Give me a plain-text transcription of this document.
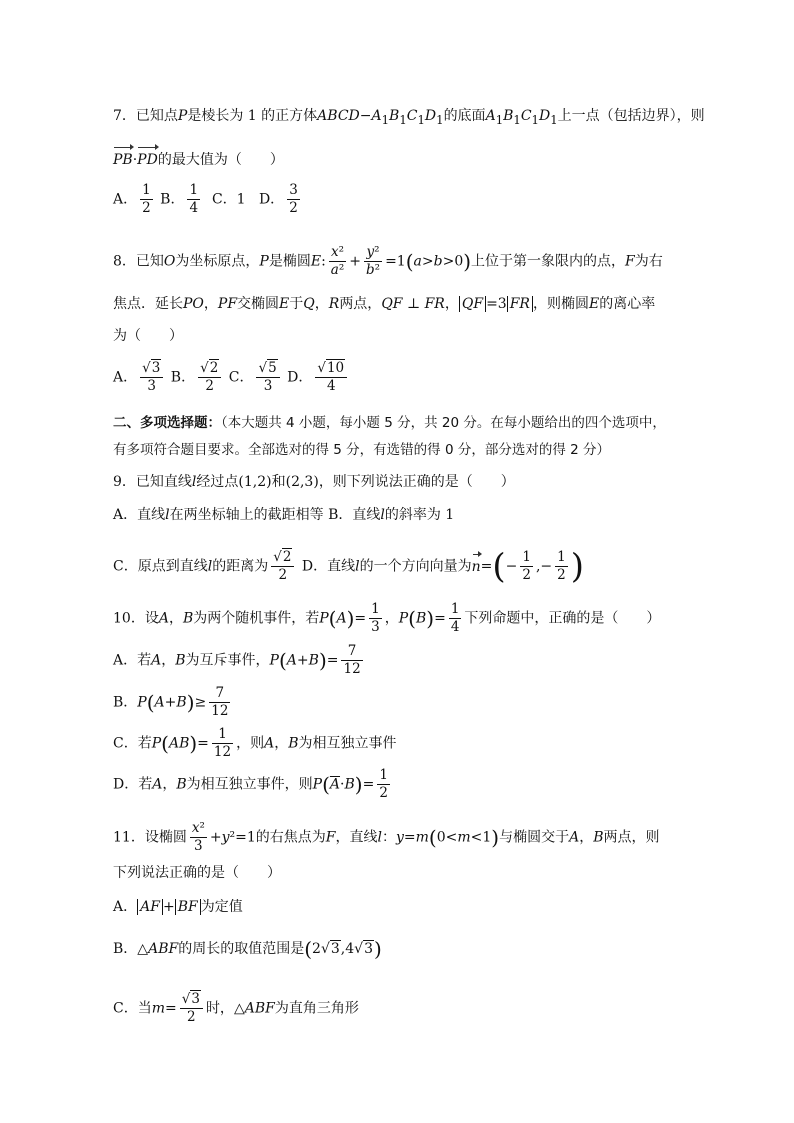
7．已知点P是棱长为 1 的正方体$ABCD-A_1B_1C_1D_1$的底面$A_1B_1C_1D_1$上一点（包括边界），则
PB·PD的最大值为（　　）
A． $\frac{1}{2}$ B． $\frac{1}{4}$ C．1 D． $\frac{3}{2}$
8．已知O为坐标原点，P是椭圆E: $\frac{\text{x²}}{\text{a²}} + \frac{\text{y²}}{\text{b²}} =1(a>b>0)$上位于第一象限内的点，F为右
焦点．延长PO，PF交椭圆E于Q，R两点，QF ⊥ FR， QF =3 FR ，则椭圆E的离心率
为（　　）
A． √ $\frac{3}{3}$ B． √ $\frac{2}{2}$ C． √ $\frac{5}{3}$ D． √ $\frac{10}{4}$
二、多项选择题：（本大题共 4 小题，每小题 5 分，共 20 分。在每小题给出的四个选项中，
有多项符合题目要求。全部选对的得 5 分，有选错的得 0 分，部分选对的得 2 分）
9．已知直线l经过点(1,2)和(2,3)，则下列说法正确的是（　　）
A．直线l在两坐标轴上的截距相等 B．直线l的斜率为 1
C．原点到直线l的距离为 √ $\frac{2}{2}$ D．直线l的一个方向向量为$n=(- \frac{1}{2}$ ,− $\frac{1}{2}$ )
10．设A，B为两个随机事件，若$P(A)= \frac{1}{3}$ ，$P(B)= \frac{1}{4}$ 下列命题中，正确的是（　　）
A．若A，B为互斥事件，$P(A+B)= \frac{7}{12}$
B．$P(A+B)\ge \frac{7}{12}$
C．若$P(AB)= \frac{1}{12}$ ，则A，B为相互独立事件
D．若A，B为相互独立事件，则$P(\overline{A}\cdot B)= \frac{1}{2}$
11．设椭圆 $\frac{\text{x²}}{3} +y^2=1$的右焦点为F，直线l：y=m(0<m<1)与椭圆交于A，B两点，则
下列说法正确的是（　　）
A． AF + BF 为定值
B．△ABF的周长的取值范围是(2 √ 3,4 √ 3)
C．当m= √ $\frac{3}{2}$ 时，△ABF为直角三角形
